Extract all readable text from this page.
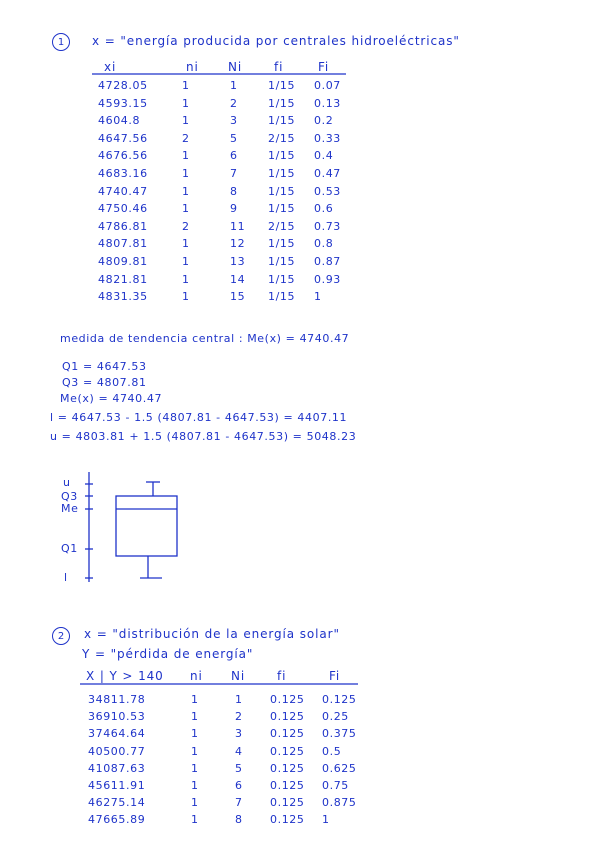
1	x = "energía producida por centrales hidroeléctricas"
xi	ni Ni	fi	Fi
4728.05	1	1	1/15 0.07
4593.15	1	2	1/15 0.13
4604.8	1	3	1/15 0.2
4647.56	2	5	2/15 0.33
4676.56	1	6	1/15 0.4
4683.16	1	7	1/15 0.47
4740.47	1	8	1/15 0.53
4750.46	1	9	1/15 0.6
4786.81	2	11 2/15 0.73
4807.81	1	12 1/15 0.8
4809.81	1	13 1/15 0.87
4821.81	1	14 1/15 0.93
4831.35	1	15 1/15 1
medida de tendencia central : Me(x) = 4740.47
Q1 = 4647.53
Q3 = 4807.81
Me(x) = 4740.47
l = 4647.53 - 1.5 (4807.81 - 4647.53) = 4407.11
u = 4803.81 + 1.5 (4807.81 - 4647.53) = 5048.23
u
Q3
Me
Q1
l
2	x = "distribución de la energía solar"
Y = "pérdida de energía"
X | Y > 140 ni Ni	fi	Fi
34811.78	1	1 0.125 0.125
36910.53	1	2 0.125 0.25
37464.64	1	3 0.125 0.375
40500.77	1	4 0.125 0.5
41087.63	1	5 0.125 0.625
45611.91	1	6 0.125 0.75
46275.14	1	7 0.125 0.875
47665.89	1	8 0.125 1
